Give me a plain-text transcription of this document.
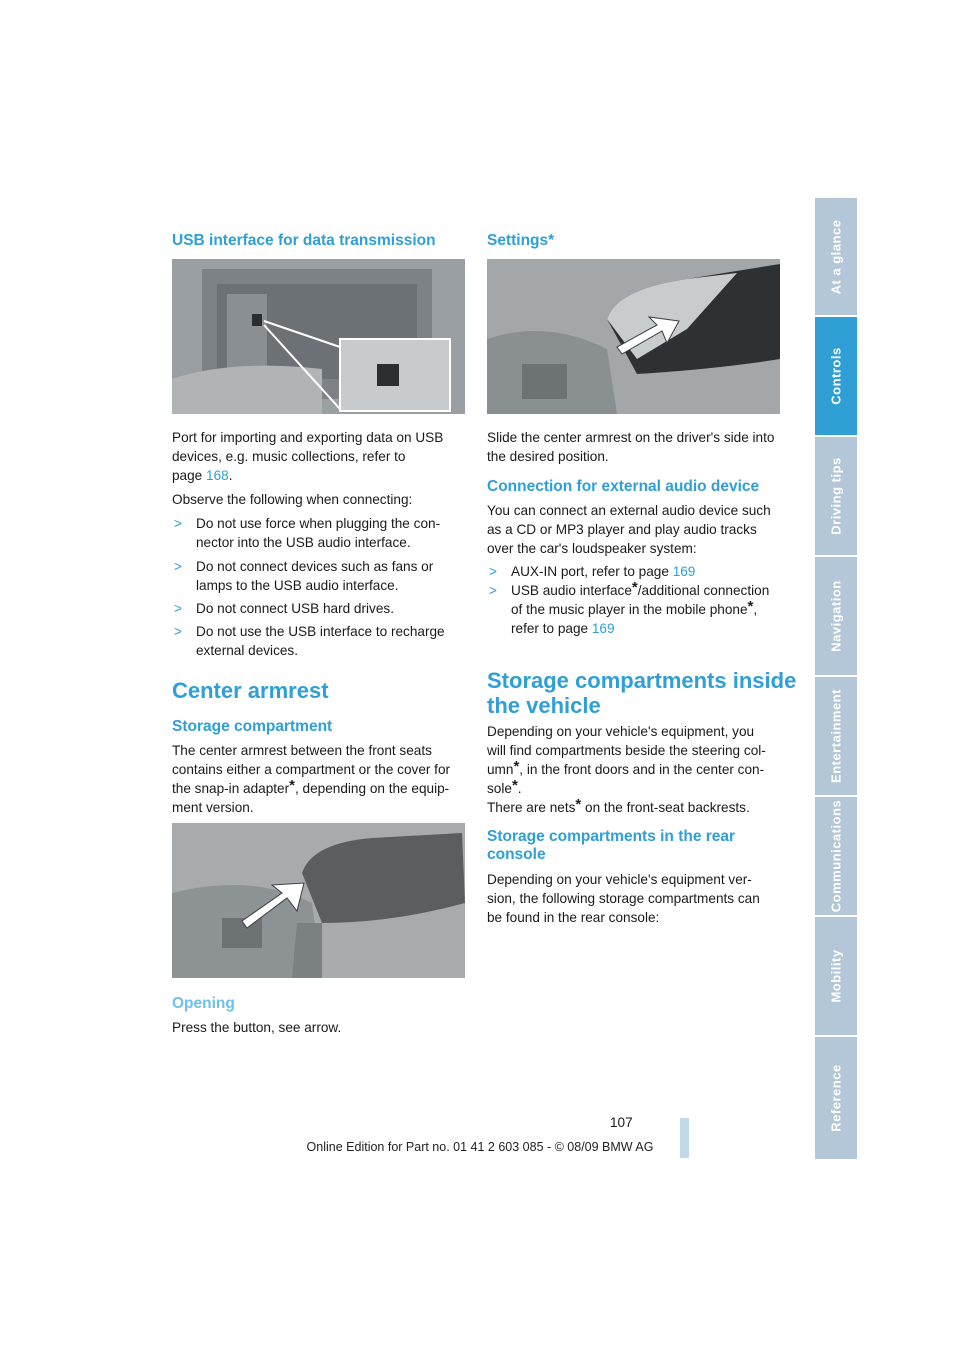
USB interface for data transmission

Port for importing and exporting data on USB

devices, e.g. music collections, refer to

page 168.

Observe the following when connecting:

> Do not use force when plugging the con-
nector into the USB audio interface.
> Do not connect devices such as fans or
lamps to the USB audio interface.
> Do not connect USB hard drives.
> Do not use the USB interface to recharge
external devices.
Center armrest
Storage compartment

The center armrest between the front seats

contains either a compartment or the cover for

the snap-in adapter*, depending on the equip-

ment version.

Opening

Press the button, see arrow.

Settings*

Slide the center armrest on the driver's side into

the desired position.

Connection for external audio device

You can connect an external audio device such

as a CD or MP3 player and play audio tracks

over the car's loudspeaker system:

> AUX-IN port, refer to page 169
> USB audio interface*/additional connection
of the music player in the mobile phone*,
refer to page 169
Storage compartments inside
the vehicle

Depending on your vehicle's equipment, you

will find compartments beside the steering col-

umn*, in the front doors and in the center con-

sole*.

There are nets* on the front-seat backrests.

Storage compartments in the rear
console

Depending on your vehicle's equipment ver-

sion, the following storage compartments can

be found in the rear console:

At a glance
Controls
Driving tips
Navigation
Entertainment
Communications
Mobility
Reference
107
Online Edition for Part no. 01 41 2 603 085 - © 08/09 BMW AG
